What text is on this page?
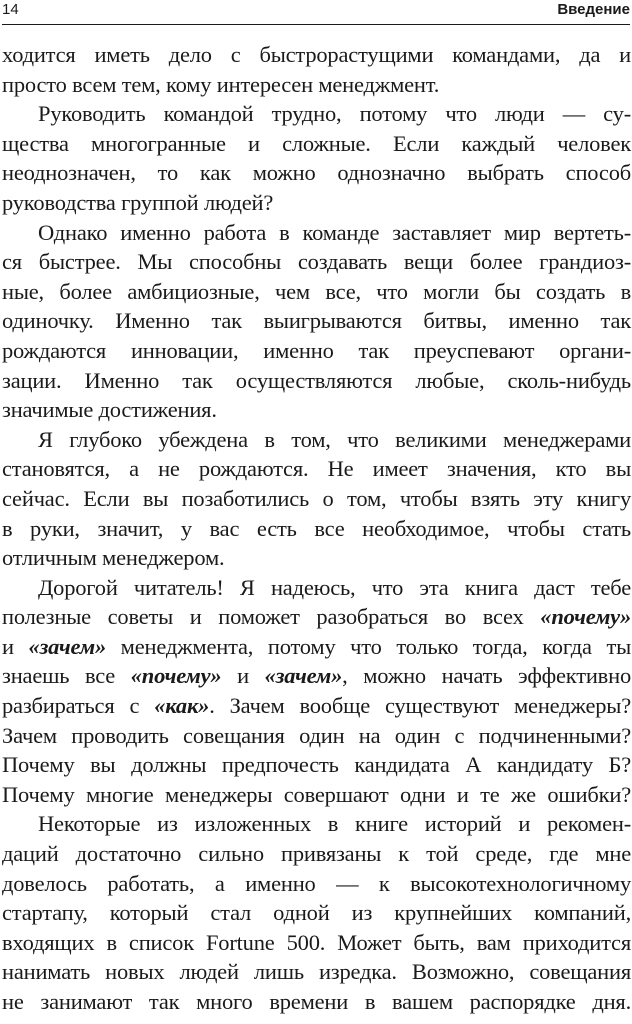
14	Введение
ходится иметь дело с быстрорастущими командами, да и
просто всем тем, кому интересен менеджмент.
Руководить командой трудно, потому что люди — су-
щества многогранные и сложные. Если каждый человек
неоднозначен, то как можно однозначно выбрать способ
руководства группой людей?
Однако именно работа в команде заставляет мир вертеть-
ся быстрее. Мы способны создавать вещи более грандиоз-
ные, более амбициозные, чем все, что могли бы создать в
одиночку. Именно так выигрываются битвы, именно так
рождаются инновации, именно так преуспевают органи-
зации. Именно так осуществляются любые, сколь-нибудь
значимые достижения.
Я глубоко убеждена в том, что великими менеджерами
становятся, а не рождаются. Не имеет значения, кто вы
сейчас. Если вы позаботились о том, чтобы взять эту книгу
в руки, значит, у вас есть все необходимое, чтобы стать
отличным менеджером.
Дорогой читатель! Я надеюсь, что эта книга даст тебе
полезные советы и поможет разобраться во всех «почему»
и «зачем» менеджмента, потому что только тогда, когда ты
знаешь все «почему» и «зачем», можно начать эффективно
разбираться с «как». Зачем вообще существуют менеджеры?
Зачем проводить совещания один на один с подчиненными?
Почему вы должны предпочесть кандидата А кандидату Б?
Почему многие менеджеры совершают одни и те же ошибки?
Некоторые из изложенных в книге историй и рекомен-
даций достаточно сильно привязаны к той среде, где мне
довелось работать, а именно — к высокотехнологичному
стартапу, который стал одной из крупнейших компаний,
входящих в список Fortune 500. Может быть, вам приходится
нанимать новых людей лишь изредка. Возможно, совещания
не занимают так много времени в вашем распорядке дня.
